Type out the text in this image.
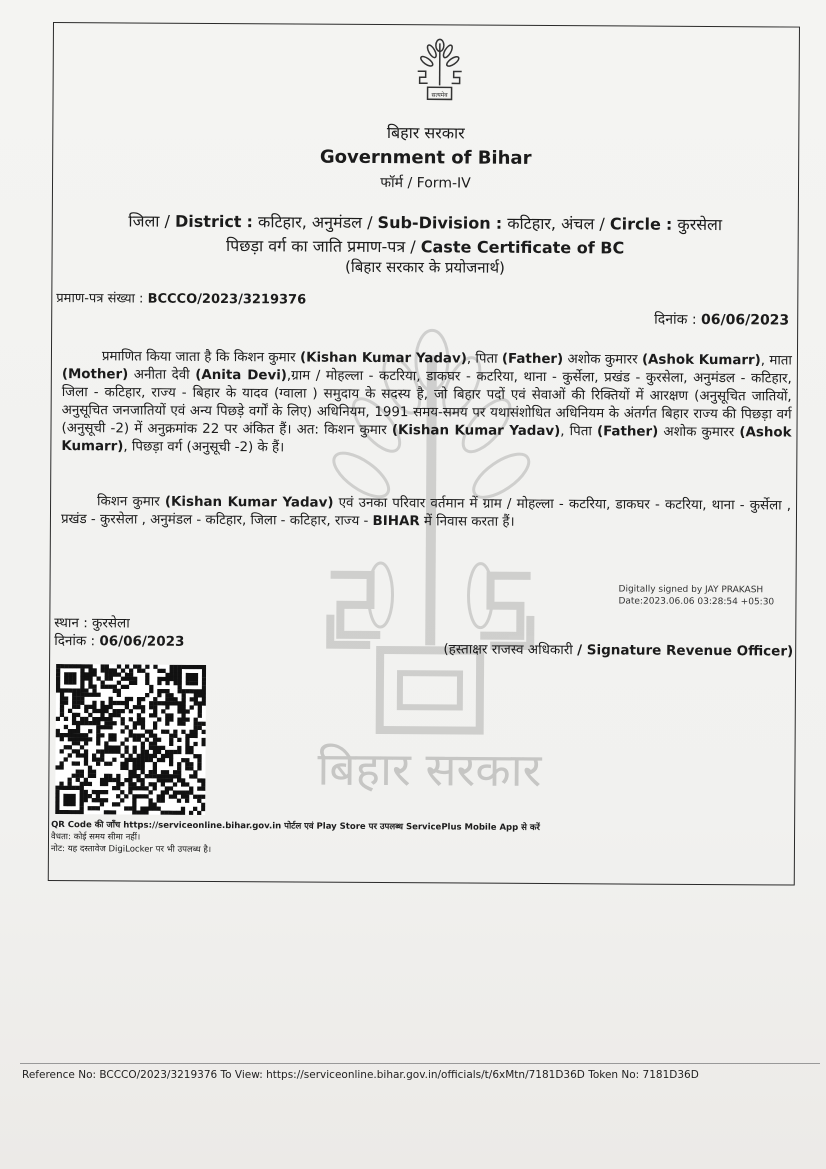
बिहार सरकार
सत्यमेव
बिहार सरकार
Government of Bihar
फॉर्म / Form-IV
जिला / District : कटिहार, अनुमंडल / Sub-Division : कटिहार, अंचल / Circle : कुरसेला
पिछड़ा वर्ग का जाति प्रमाण-पत्र / Caste Certificate of BC
(बिहार सरकार के प्रयोजनार्थ)
प्रमाण-पत्र संख्या : BCCCO/2023/3219376
दिनांक : 06/06/2023
प्रमाणित किया जाता है कि किशन कुमार (Kishan Kumar Yadav), पिता (Father) अशोक कुमारर (Ashok Kumarr), माता (Mother) अनीता देवी (Anita Devi),ग्राम / मोहल्ला - कटरिया, डाकघर - कटरिया, थाना - कुर्सेला, प्रखंड - कुरसेला, अनुमंडल - कटिहार, जिला - कटिहार, राज्य - बिहार के यादव (ग्वाला ) समुदाय के सदस्य है, जो बिहार पदों एवं सेवाओं की रिक्तियों में आरक्षण (अनुसूचित जातियों, अनुसूचित जनजातियों एवं अन्य पिछड़े वर्गों के लिए) अधिनियम, 1991 समय-समय पर यथासंशोधित अधिनियम के अंतर्गत बिहार राज्य की पिछड़ा वर्ग (अनुसूची -2) में अनुक्रमांक 22 पर अंकित हैं। अत: किशन कुमार (Kishan Kumar Yadav), पिता (Father) अशोक कुमारर (Ashok Kumarr), पिछड़ा वर्ग (अनुसूची -2) के हैं।
किशन कुमार (Kishan Kumar Yadav) एवं उनका परिवार वर्तमान में ग्राम / मोहल्ला - कटरिया, डाकघर - कटरिया, थाना - कुर्सेला , प्रखंड - कुरसेला , अनुमंडल - कटिहार, जिला - कटिहार, राज्य - BIHAR में निवास करता हैं।
Digitally signed by JAY PRAKASH
Date:2023.06.06 03:28:54 +05:30
स्थान : कुरसेला
दिनांक : 06/06/2023	(हस्ताक्षर राजस्व अधिकारी / Signature Revenue Officer)
QR Code की जाँच https://serviceonline.bihar.gov.in पोर्टल एवं Play Store पर उपलब्ध ServicePlus Mobile App से करें
वैधता: कोई समय सीमा नहीं।
नोट: यह दस्तावेज DigiLocker पर भी उपलब्ध है।
Reference No: BCCCO/2023/3219376 To View: https://serviceonline.bihar.gov.in/officials/t/6xMtn/7181D36D Token No: 7181D36D
